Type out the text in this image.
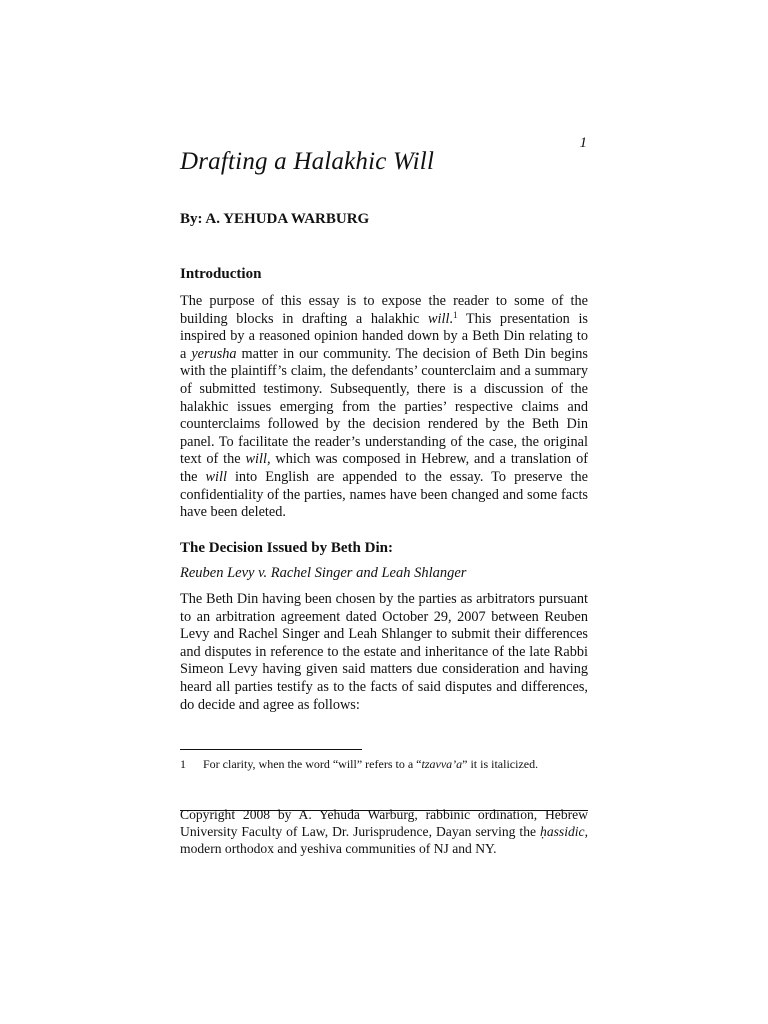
1
Drafting a Halakhic Will

By: A. YEHUDA WARBURG

Introduction

The purpose of this essay is to expose the reader to some of the building blocks in drafting a halakhic will.$^1$ This presentation is inspired by a reasoned opinion handed down by a Beth Din relating to a yerusha matter in our community. The decision of Beth Din begins with the plaintiff’s claim, the defendants’ counterclaim and a summary of submitted testimony. Subsequently, there is a discussion of the halakhic issues emerging from the parties’ respective claims and counterclaims followed by the decision rendered by the Beth Din panel. To facilitate the reader’s understanding of the case, the original text of the will, which was composed in Hebrew, and a translation of the will into English are appended to the essay. To preserve the confidentiality of the parties, names have been changed and some facts have been deleted.

The Decision Issued by Beth Din:

Reuben Levy v. Rachel Singer and Leah Shlanger

The Beth Din having been chosen by the parties as arbitrators pursuant to an arbitration agreement dated October 29, 2007 between Reuben Levy and Rachel Singer and Leah Shlanger to submit their differences and disputes in reference to the estate and inheritance of the late Rabbi Simeon Levy having given said matters due consideration and having heard all parties testify as to the facts of said disputes and differences, do decide and agree as follows:

1 For clarity, when the word “will” refers to a “tzavva’a” it is italicized.

Copyright 2008 by A. Yehuda Warburg, rabbinic ordination, Hebrew University Faculty of Law, Dr. Jurisprudence, Dayan serving the ḥassidic, modern orthodox and yeshiva communities of NJ and NY.
